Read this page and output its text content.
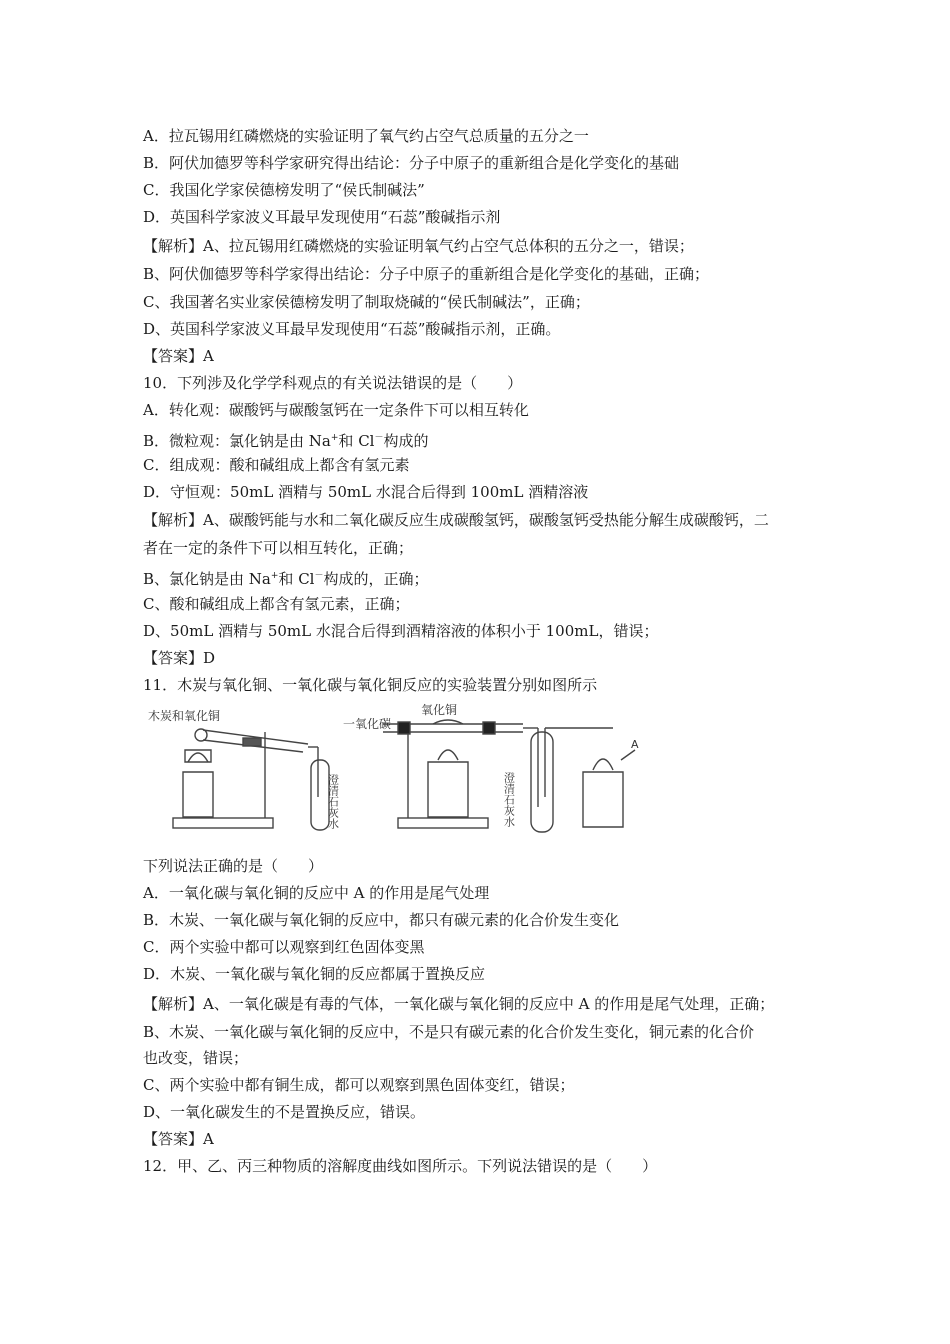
A．拉瓦锡用红磷燃烧的实验证明了氧气约占空气总质量的五分之一
B．阿伏加德罗等科学家研究得出结论：分子中原子的重新组合是化学变化的基础
C．我国化学家侯德榜发明了“侯氏制碱法”
D．英国科学家波义耳最早发现使用“石蕊”酸碱指示剂
【解析】A、拉瓦锡用红磷燃烧的实验证明氧气约占空气总体积的五分之一，错误；
B、阿伏伽德罗等科学家得出结论：分子中原子的重新组合是化学变化的基础，正确；
C、我国著名实业家侯德榜发明了制取烧碱的“侯氏制碱法”，正确；
D、英国科学家波义耳最早发现使用“石蕊”酸碱指示剂，正确。
【答案】A
10．下列涉及化学学科观点的有关说法错误的是（　　）
A．转化观：碳酸钙与碳酸氢钙在一定条件下可以相互转化
B．微粒观：氯化钠是由 Na+和 Cl－构成的
C．组成观：酸和碱组成上都含有氢元素
D．守恒观：50mL 酒精与 50mL 水混合后得到 100mL 酒精溶液
【解析】A、碳酸钙能与水和二氧化碳反应生成碳酸氢钙，碳酸氢钙受热能分解生成碳酸钙，二
者在一定的条件下可以相互转化，正确；
B、氯化钠是由 Na+和 Cl－构成的，正确；
C、酸和碱组成上都含有氢元素，正确；
D、50mL 酒精与 50mL 水混合后得到酒精溶液的体积小于 100mL，错误；
【答案】D
11．木炭与氧化铜、一氧化碳与氧化铜反应的实验装置分别如图所示
木炭和氧化铜
澄清石灰水
一氧化碳
氧化铜
澄清石灰水
A
下列说法正确的是（　　）
A．一氧化碳与氧化铜的反应中 A 的作用是尾气处理
B．木炭、一氧化碳与氧化铜的反应中，都只有碳元素的化合价发生变化
C．两个实验中都可以观察到红色固体变黑
D．木炭、一氧化碳与氧化铜的反应都属于置换反应
【解析】A、一氧化碳是有毒的气体，一氧化碳与氧化铜的反应中 A 的作用是尾气处理，正确；
B、木炭、一氧化碳与氧化铜的反应中，不是只有碳元素的化合价发生变化，铜元素的化合价
也改变，错误；
C、两个实验中都有铜生成，都可以观察到黑色固体变红，错误；
D、一氧化碳发生的不是置换反应，错误。
【答案】A
12．甲、乙、丙三种物质的溶解度曲线如图所示。下列说法错误的是（　　）
